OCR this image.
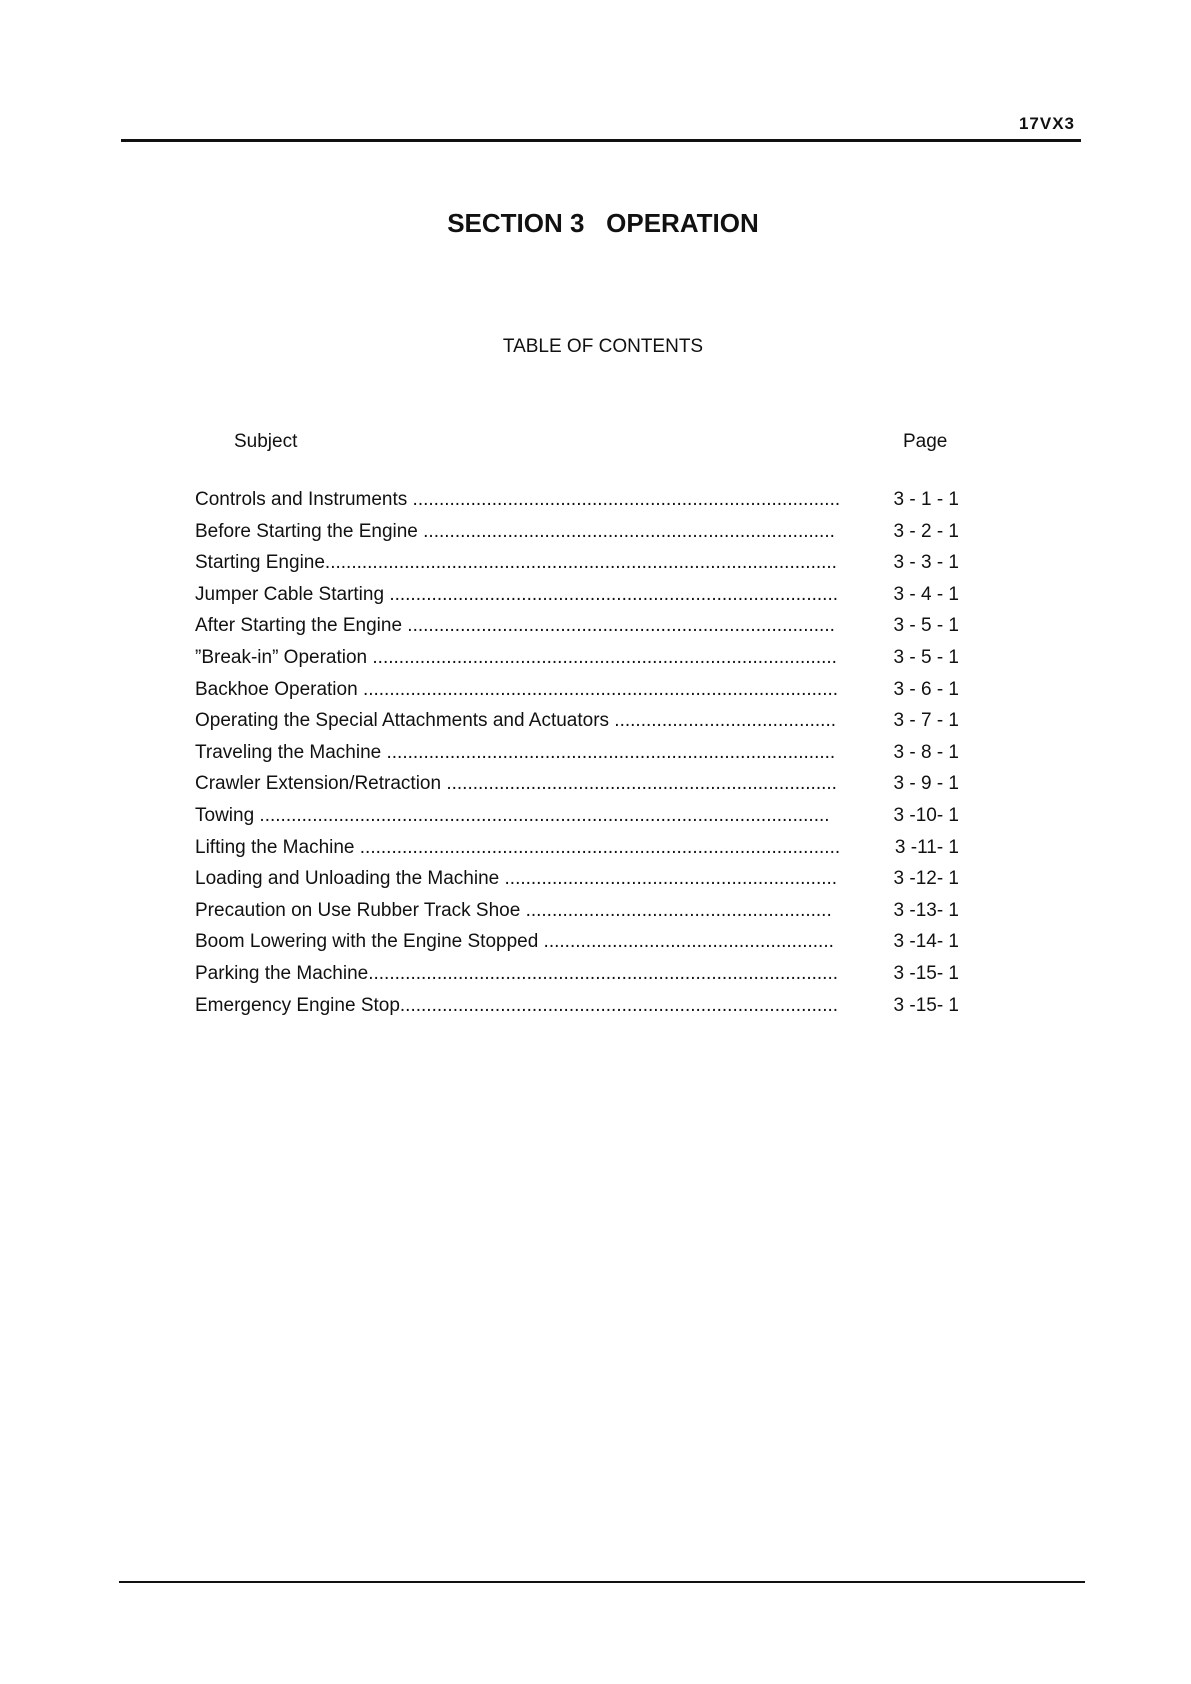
17VX3
SECTION 3   OPERATION
TABLE OF CONTENTS
Subject	Page
Controls and Instruments .................................................................................	3 - 1 - 1
Before Starting the Engine ..............................................................................	3 - 2 - 1
Starting Engine.................................................................................................	3 - 3 - 1
Jumper Cable Starting .....................................................................................	3 - 4 - 1
After Starting the Engine .................................................................................	3 - 5 - 1
”Break-in” Operation ........................................................................................	3 - 5 - 1
Backhoe Operation ..........................................................................................	3 - 6 - 1
Operating the Special Attachments and Actuators ..........................................	3 - 7 - 1
Traveling the Machine .....................................................................................	3 - 8 - 1
Crawler Extension/Retraction ..........................................................................	3 - 9 - 1
Towing ............................................................................................................	3 -10- 1
Lifting the Machine ...........................................................................................	3 -11- 1
Loading and Unloading the Machine ...............................................................	3 -12- 1
Precaution on Use Rubber Track Shoe ..........................................................	3 -13- 1
Boom Lowering with the Engine Stopped .......................................................	3 -14- 1
Parking the Machine.........................................................................................	3 -15- 1
Emergency Engine Stop...................................................................................	3 -15- 1
